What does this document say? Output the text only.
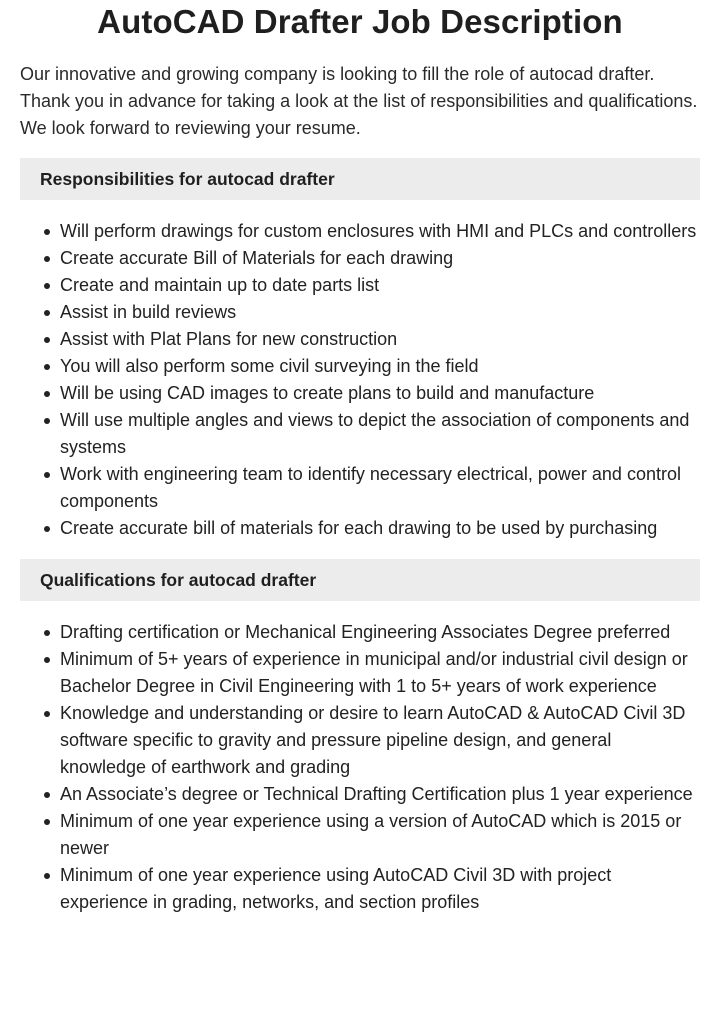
AutoCAD Drafter Job Description

Our innovative and growing company is looking to fill the role of autocad drafter. Thank you in advance for taking a look at the list of responsibilities and qualifications. We look forward to reviewing your resume.

Responsibilities for autocad drafter
Will perform drawings for custom enclosures with HMI and PLCs and controllers
Create accurate Bill of Materials for each drawing
Create and maintain up to date parts list
Assist in build reviews
Assist with Plat Plans for new construction
You will also perform some civil surveying in the field
Will be using CAD images to create plans to build and manufacture
Will use multiple angles and views to depict the association of components and systems
Work with engineering team to identify necessary electrical, power and control components
Create accurate bill of materials for each drawing to be used by purchasing
Qualifications for autocad drafter
Drafting certification or Mechanical Engineering Associates Degree preferred
Minimum of 5+ years of experience in municipal and/or industrial civil design or Bachelor Degree in Civil Engineering with 1 to 5+ years of work experience
Knowledge and understanding or desire to learn AutoCAD & AutoCAD Civil 3D software specific to gravity and pressure pipeline design, and general knowledge of earthwork and grading
An Associate’s degree or Technical Drafting Certification plus 1 year experience
Minimum of one year experience using a version of AutoCAD which is 2015 or newer
Minimum of one year experience using AutoCAD Civil 3D with project experience in grading, networks, and section profiles
